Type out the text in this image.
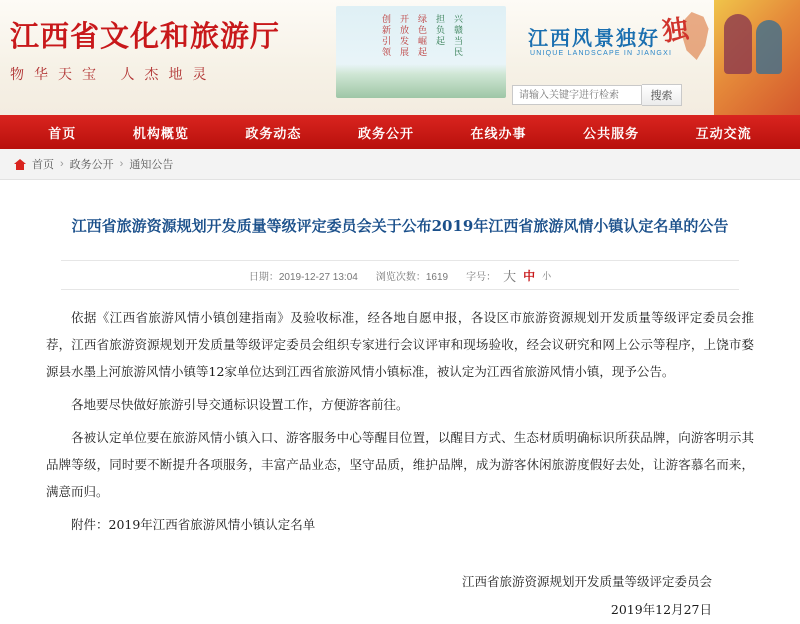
江西省文化和旅游厅
物华天宝 人杰地灵
兴赣当民
担负起
绿色崛起
开放发展
创新引领	江西风景独好
UNIQUE LANDSCAPE IN JIANGXI
独
请输入关键字进行检索
搜索
首页	机构概览	政务动态	政务公开	在线办事	公共服务	互动交流
首页 › 政务公开 › 通知公告
江西省旅游资源规划开发质量等级评定委员会关于公布2019年江西省旅游风情小镇认定名单的公告
日期：2019-12-27 13:04 浏览次数：1619 字号： 大 中 小

依据《江西省旅游风情小镇创建指南》及验收标准，经各地自愿申报，各设区市旅游资源规划开发质量等级评定委员会推荐，江西省旅游资源规划开发质量等级评定委员会组织专家进行会议评审和现场验收，经会议研究和网上公示等程序，上饶市婺源县水墨上河旅游风情小镇等12家单位达到江西省旅游风情小镇标准，被认定为江西省旅游风情小镇，现予公告。

各地要尽快做好旅游引导交通标识设置工作，方便游客前往。

各被认定单位要在旅游风情小镇入口、游客服务中心等醒目位置，以醒目方式、生态材质明确标识所获品牌，向游客明示其品牌等级，同时要不断提升各项服务，丰富产品业态，坚守品质，维护品牌，成为游客休闲旅游度假好去处，让游客慕名而来，满意而归。

附件：2019年江西省旅游风情小镇认定名单

江西省旅游资源规划开发质量等级评定委员会
2019年12月27日
